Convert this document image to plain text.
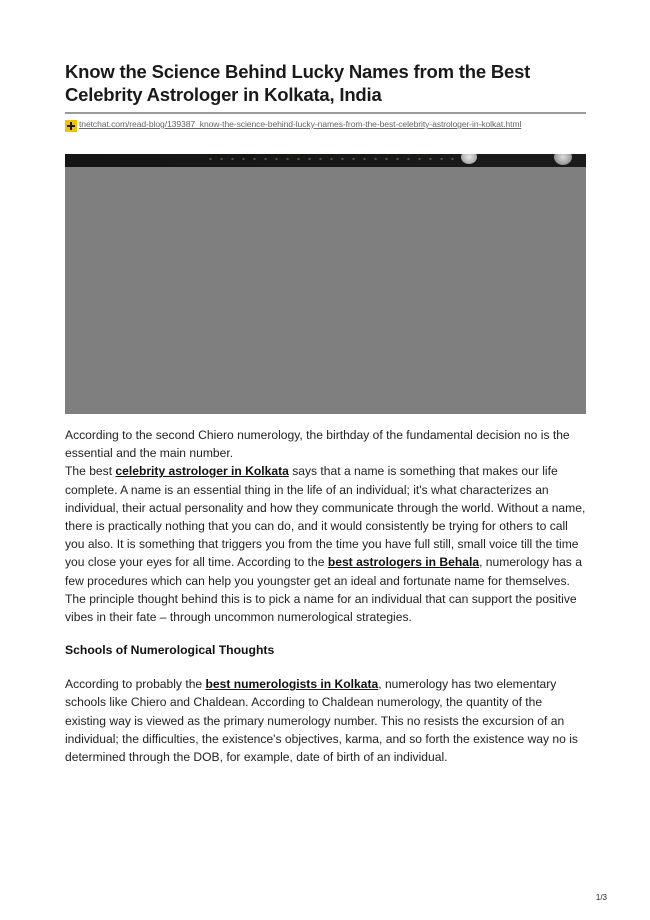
Know the Science Behind Lucky Names from the Best Celebrity Astrologer in Kolkata, India
tnetchat.com/read-blog/139387_know-the-science-behind-lucky-names-from-the-best-celebrity-astrologer-in-kolkat.html

According to the second Chiero numerology, the birthday of the fundamental decision no is the essential and the main number.

The best celebrity astrologer in Kolkata says that a name is something that makes our life complete. A name is an essential thing in the life of an individual; it's what characterizes an individual, their actual personality and how they communicate through the world. Without a name, there is practically nothing that you can do, and it would consistently be trying for others to call you also. It is something that triggers you from the time you have full still, small voice till the time you close your eyes for all time. According to the best astrologers in Behala, numerology has a few procedures which can help you youngster get an ideal and fortunate name for themselves. The principle thought behind this is to pick a name for an individual that can support the positive vibes in their fate – through uncommon numerological strategies.

Schools of Numerological Thoughts

According to probably the best numerologists in Kolkata, numerology has two elementary schools like Chiero and Chaldean. According to Chaldean numerology, the quantity of the existing way is viewed as the primary numerology number. This no resists the excursion of an individual; the difficulties, the existence's objectives, karma, and so forth the existence way no is determined through the DOB, for example, date of birth of an individual.

1/3
